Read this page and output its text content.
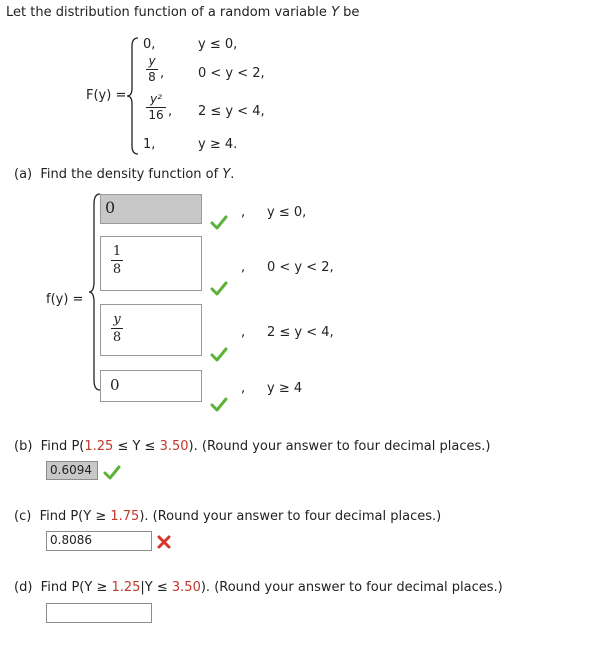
Let the distribution function of a random variable Y be
F(y) =
0,	y ≤ 0,
y
8 ,	0 < y < 2,
y²
16 , 2 ≤ y < 4,
1,	y ≥ 4.
(a) Find the density function of Y.
f(y) =
0	, y ≤ 0,
1
8	, 0 < y < 2,
y
8	, 2 ≤ y < 4,
0	, y ≥ 4
(b) Find P(1.25 ≤ Y ≤ 3.50). (Round your answer to four decimal places.)
0.6094
(c) Find P(Y ≥ 1.75). (Round your answer to four decimal places.)
0.8086
(d) Find P(Y ≥ 1.25|Y ≤ 3.50). (Round your answer to four decimal places.)
